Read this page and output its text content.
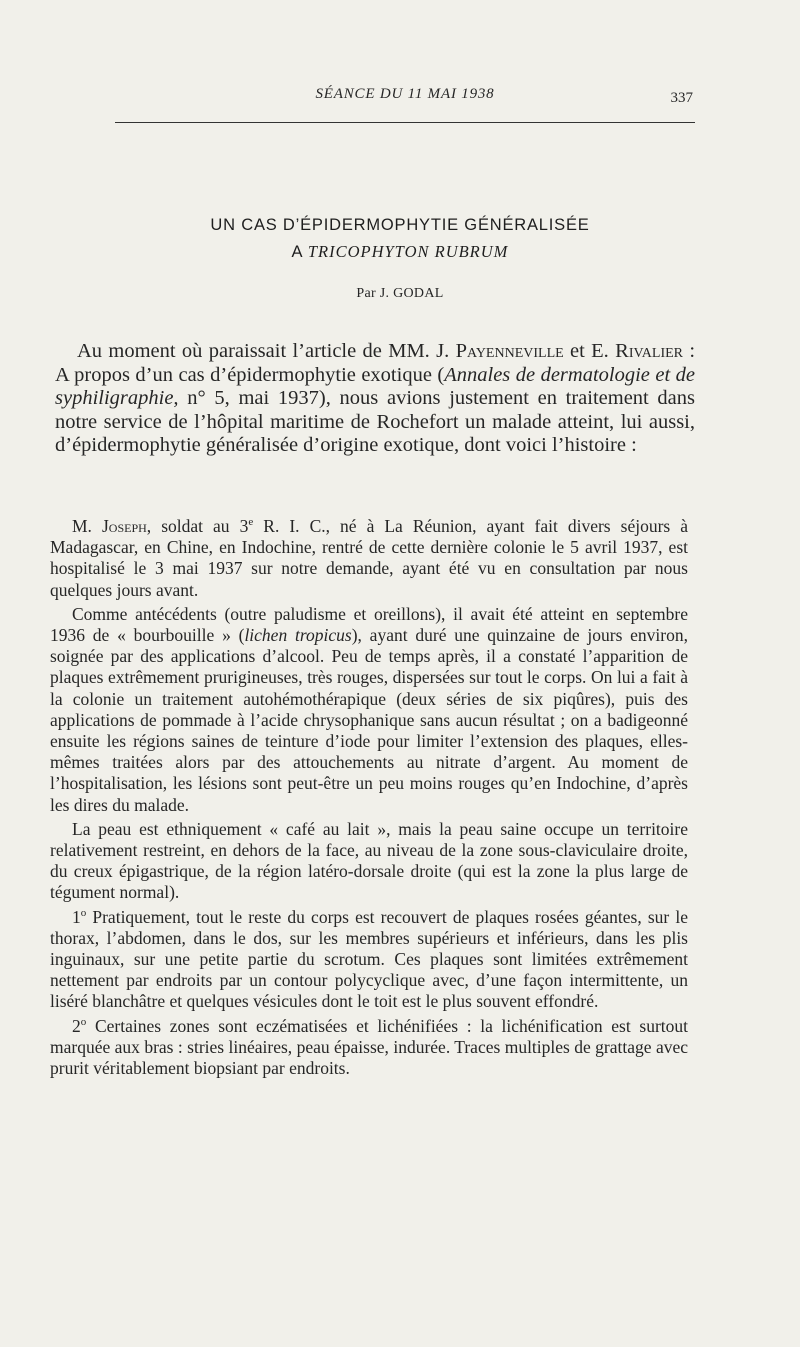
SÉANCE DU 11 MAI 1938	337
UN CAS D’ÉPIDERMOPHYTIE GÉNÉRALISÉE
A TRICOPHYTON RUBRUM
Par J. GODAL

Au moment où paraissait l’article de MM. J. Payenneville et E. Rivalier : A propos d’un cas d’épidermophytie exotique (Annales de dermatologie et de syphiligraphie, n° 5, mai 1937), nous avions justement en traitement dans notre service de l’hôpital maritime de Rochefort un malade atteint, lui aussi, d’épidermophytie généralisée d’origine exotique, dont voici l’histoire :

M. Joseph, soldat au 3e R. I. C., né à La Réunion, ayant fait divers séjours à Madagascar, en Chine, en Indochine, rentré de cette dernière colonie le 5 avril 1937, est hospitalisé le 3 mai 1937 sur notre demande, ayant été vu en consultation par nous quelques jours avant.

Comme antécédents (outre paludisme et oreillons), il avait été atteint en septembre 1936 de « bourbouille » (lichen tropicus), ayant duré une quinzaine de jours environ, soignée par des applications d’alcool. Peu de temps après, il a constaté l’apparition de plaques extrêmement prurigineuses, très rouges, dispersées sur tout le corps. On lui a fait à la colonie un traitement autohémothérapique (deux séries de six piqûres), puis des applications de pommade à l’acide chrysophanique sans aucun résultat ; on a badigeonné ensuite les régions saines de teinture d’iode pour limiter l’extension des plaques, elles-mêmes traitées alors par des attouchements au nitrate d’argent. Au moment de l’hospitalisation, les lésions sont peut-être un peu moins rouges qu’en Indochine, d’après les dires du malade.

La peau est ethniquement « café au lait », mais la peau saine occupe un territoire relativement restreint, en dehors de la face, au niveau de la zone sous-claviculaire droite, du creux épigastrique, de la région latéro-dorsale droite (qui est la zone la plus large de tégument normal).

1$^o$ Pratiquement, tout le reste du corps est recouvert de plaques rosées géantes, sur le thorax, l’abdomen, dans le dos, sur les membres supérieurs et inférieurs, dans les plis inguinaux, sur une petite partie du scrotum. Ces plaques sont limitées extrêmement nettement par endroits par un contour polycyclique avec, d’une façon intermittente, un liséré blanchâtre et quelques vésicules dont le toit est le plus souvent effondré.

2$^o$ Certaines zones sont eczématisées et lichénifiées : la lichénification est surtout marquée aux bras : stries linéaires, peau épaisse, indurée. Traces multiples de grattage avec prurit véritablement biopsiant par endroits.
